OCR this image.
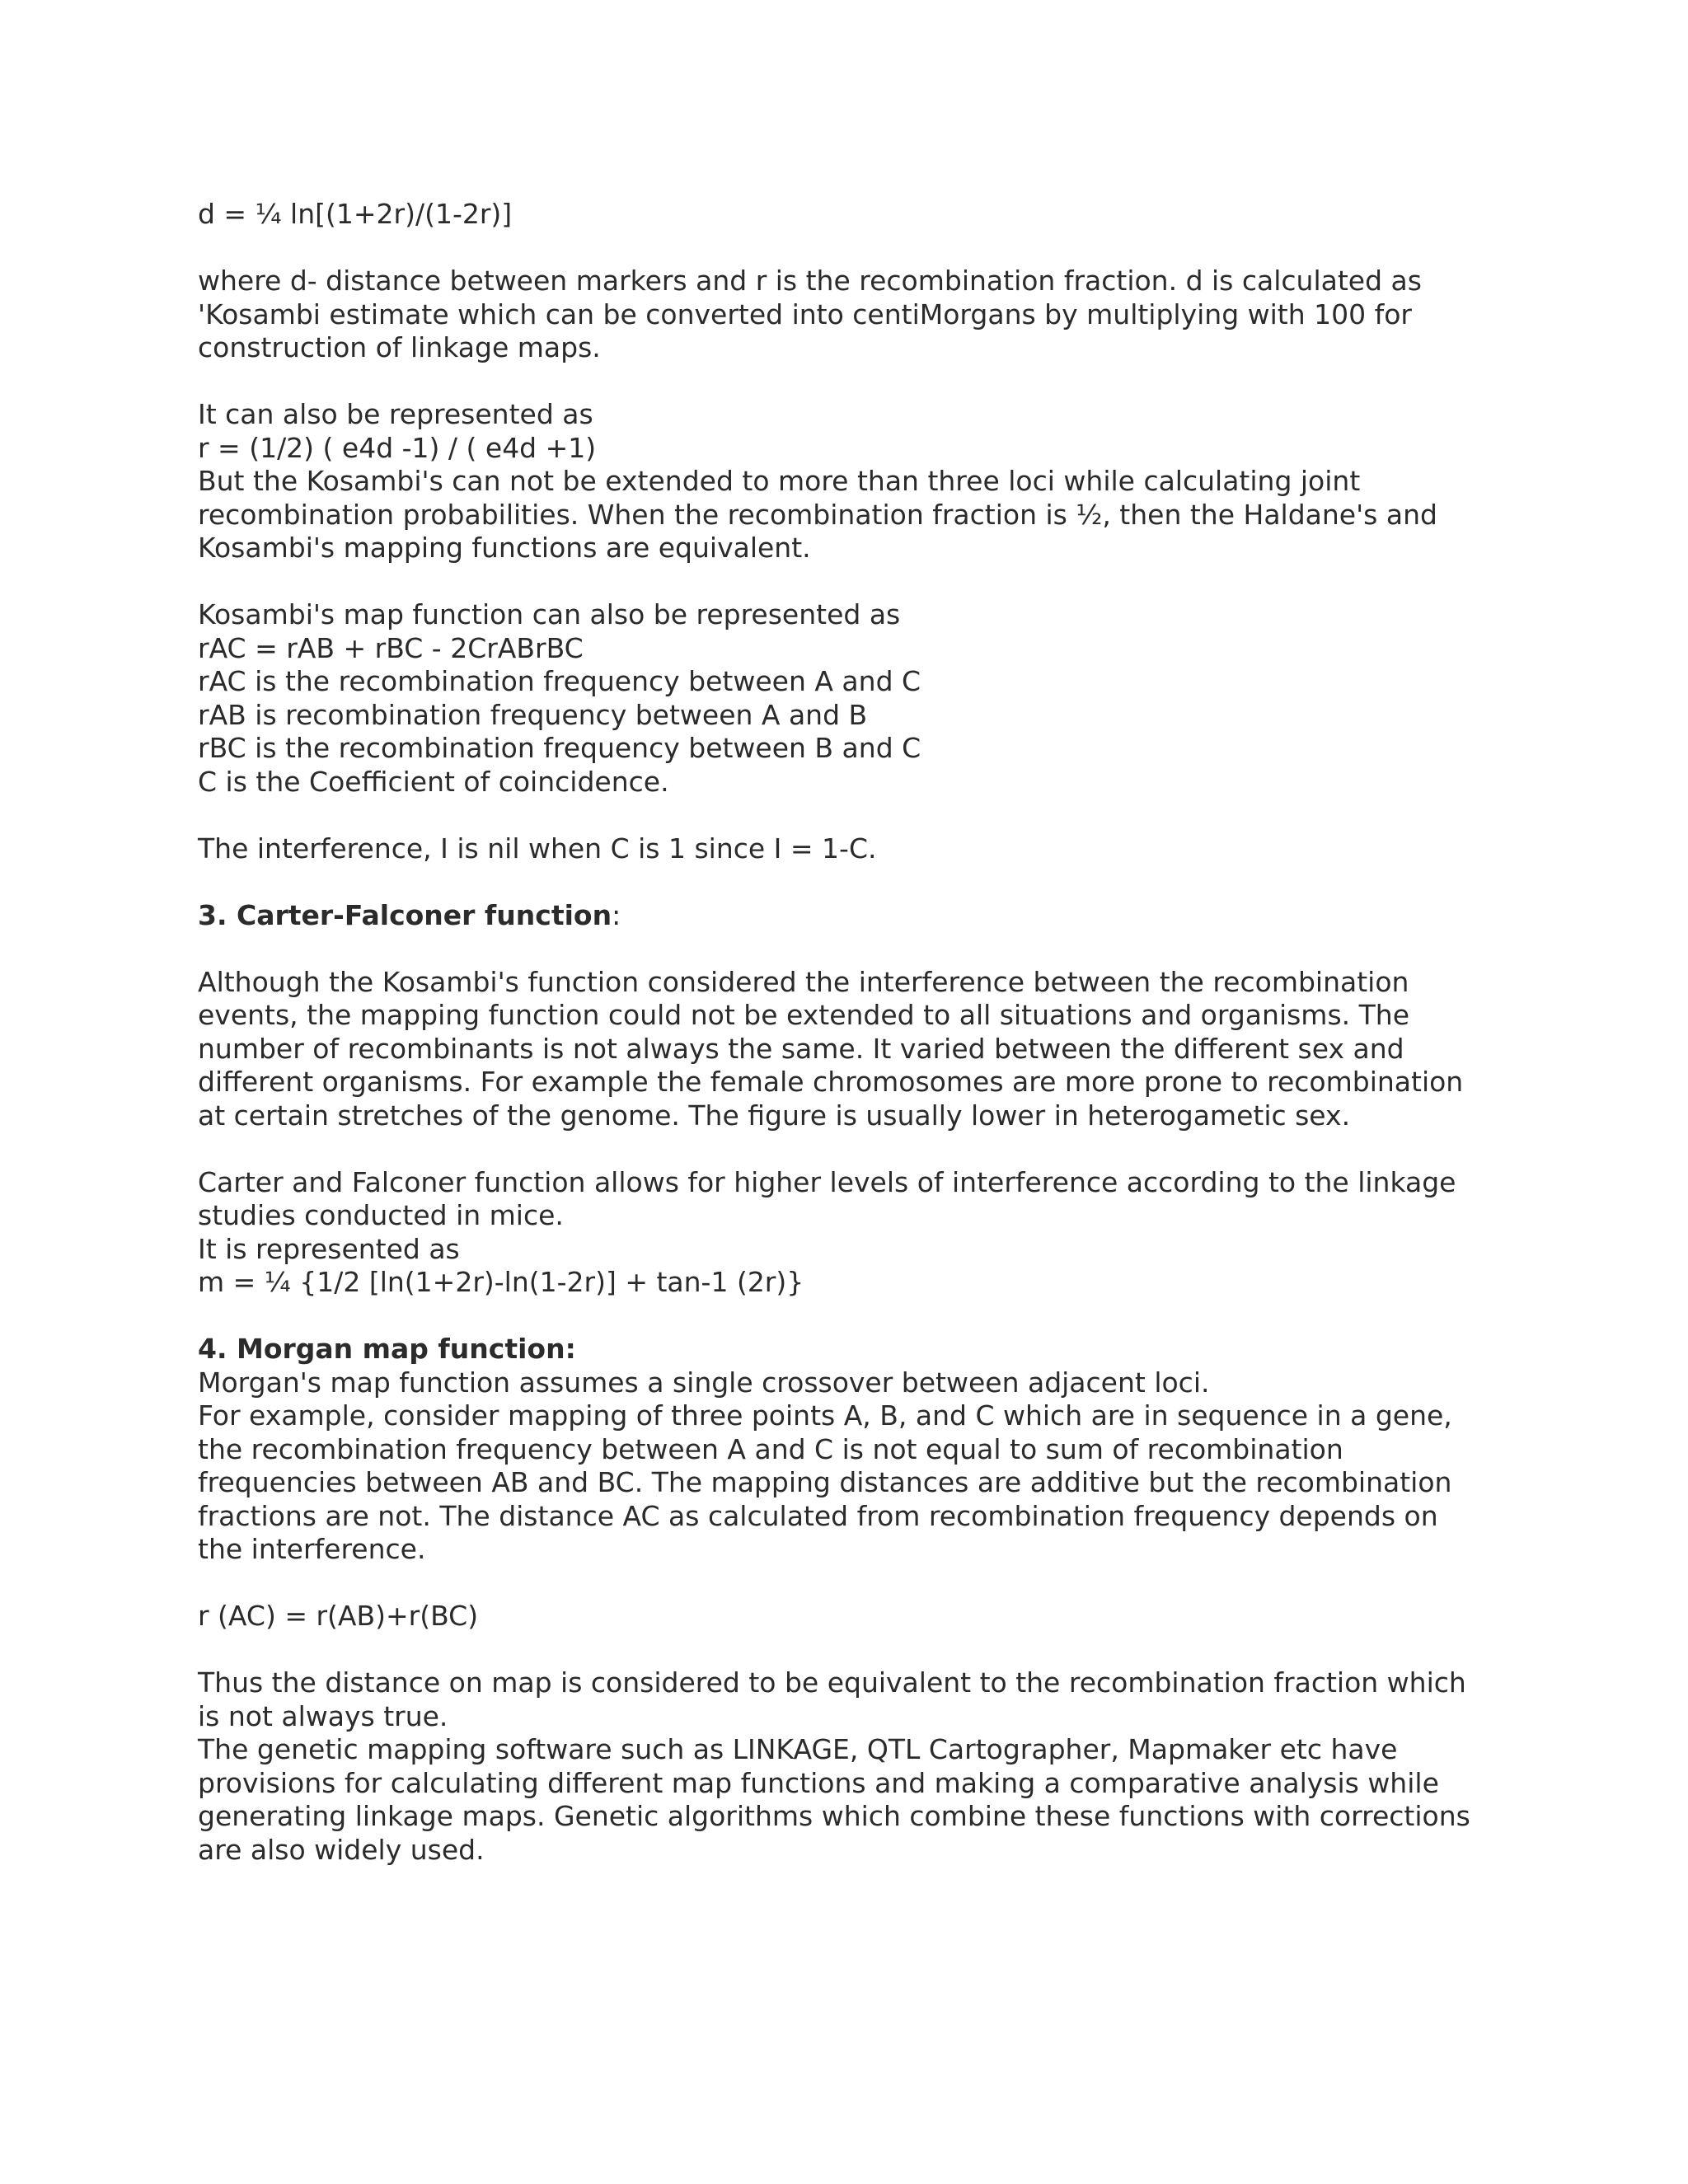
d = ¼ ln[(1+2r)/(1-2r)]
where d- distance between markers and r is the recombination fraction. d is calculated as
'Kosambi estimate which can be converted into centiMorgans by multiplying with 100 for
construction of linkage maps.
It can also be represented as
r = (1/2) ( e4d -1) / ( e4d +1)
But the Kosambi's can not be extended to more than three loci while calculating joint
recombination probabilities. When the recombination fraction is ½, then the Haldane's and
Kosambi's mapping functions are equivalent.
Kosambi's map function can also be represented as
rAC = rAB + rBC - 2CrABrBC
rAC is the recombination frequency between A and C
rAB is recombination frequency between A and B
rBC is the recombination frequency between B and C
C is the Coefficient of coincidence.
The interference, I is nil when C is 1 since I = 1-C.
3. Carter-Falconer function:
Although the Kosambi's function considered the interference between the recombination
events, the mapping function could not be extended to all situations and organisms. The
number of recombinants is not always the same. It varied between the different sex and
different organisms. For example the female chromosomes are more prone to recombination
at certain stretches of the genome. The figure is usually lower in heterogametic sex.
Carter and Falconer function allows for higher levels of interference according to the linkage
studies conducted in mice.
It is represented as
m = ¼ {1/2 [ln(1+2r)-ln(1-2r)] + tan-1 (2r)}
4. Morgan map function:
Morgan's map function assumes a single crossover between adjacent loci.
For example, consider mapping of three points A, B, and C which are in sequence in a gene,
the recombination frequency between A and C is not equal to sum of recombination
frequencies between AB and BC. The mapping distances are additive but the recombination
fractions are not. The distance AC as calculated from recombination frequency depends on
the interference.
r (AC) = r(AB)+r(BC)
Thus the distance on map is considered to be equivalent to the recombination fraction which
is not always true.
The genetic mapping software such as LINKAGE, QTL Cartographer, Mapmaker etc have
provisions for calculating different map functions and making a comparative analysis while
generating linkage maps. Genetic algorithms which combine these functions with corrections
are also widely used.
